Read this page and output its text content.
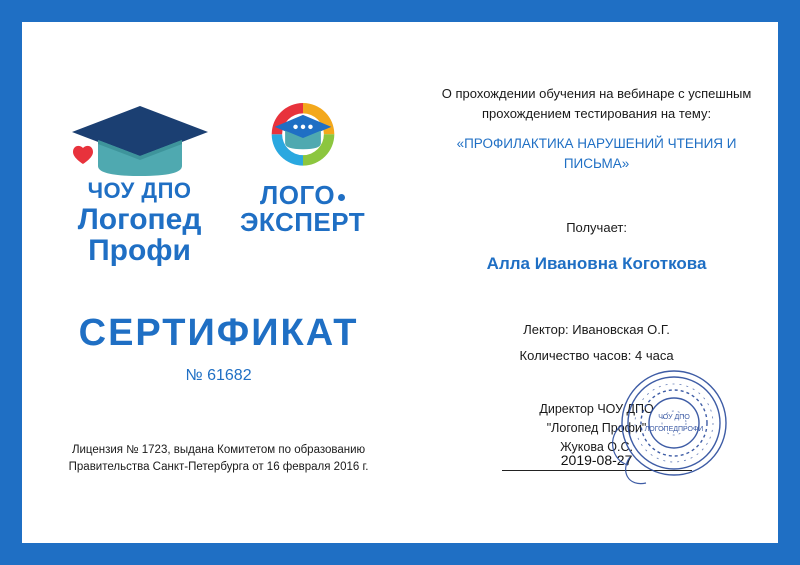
ЧОУ ДПО
Логопед
Профи
ЛОГО
ЭКСПЕРТ
СЕРТИФИКАТ
№ 61682
Лицензия № 1723, выдана Комитетом по образованию
Правительства Санкт-Петербурга от 16 февраля 2016 г.
О прохождении обучения на вебинаре с успешным
прохождением тестирования на тему:
«ПРОФИЛАКТИКА НАРУШЕНИЙ ЧТЕНИЯ И
ПИСЬМА»
Получает:
Алла Ивановна Коготкова
Лектор: Ивановская О.Г.
Количество часов: 4 часа
Директор ЧОУ ДПО
"Логопед Профи"
Жукова О.С.
2019-08-27
ЧОУ ДПО
ЛОГОПЕДПРОФИ
